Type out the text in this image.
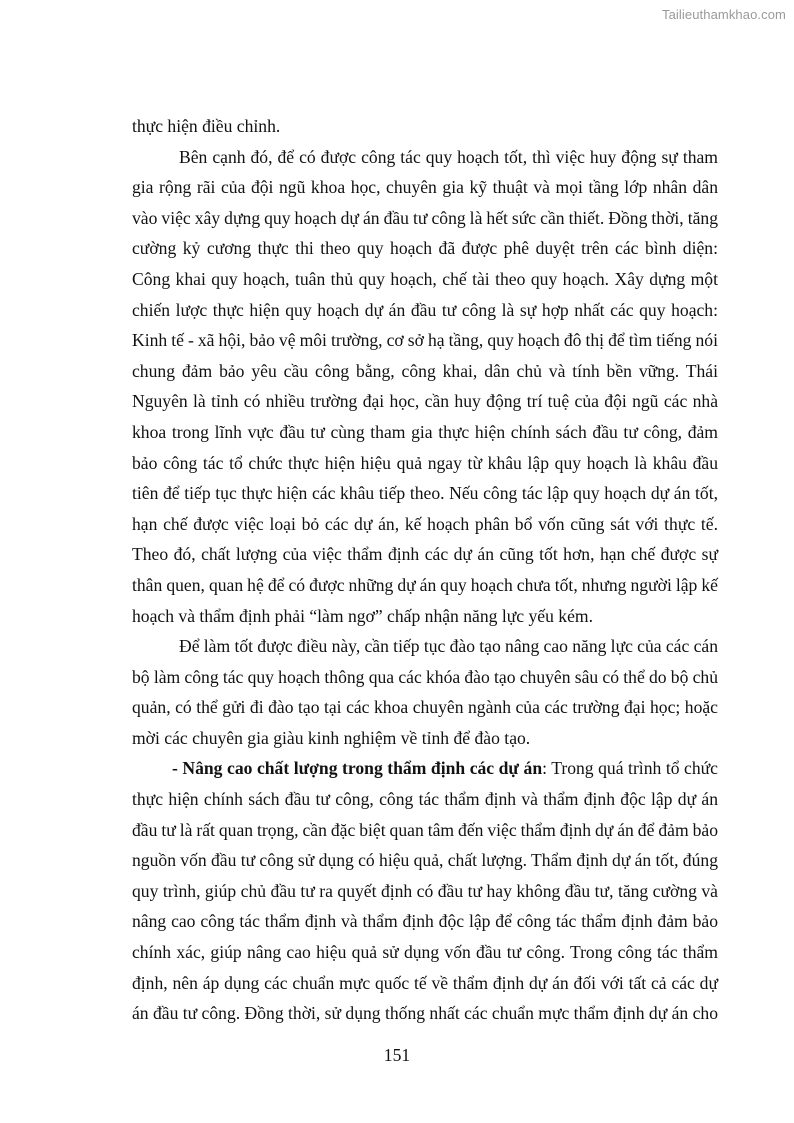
Tailieuthamkhao.com
thực hiện điều chỉnh.
Bên cạnh đó, để có được công tác quy hoạch tốt, thì việc huy động sự tham
gia rộng rãi của đội ngũ khoa học, chuyên gia kỹ thuật và mọi tầng lớp nhân dân
vào việc xây dựng quy hoạch dự án đầu tư công là hết sức cần thiết. Đồng thời, tăng
cường kỷ cương thực thi theo quy hoạch đã được phê duyệt trên các bình diện:
Công khai quy hoạch, tuân thủ quy hoạch, chế tài theo quy hoạch. Xây dựng một
chiến lược thực hiện quy hoạch dự án đầu tư công là sự hợp nhất các quy hoạch:
Kinh tế - xã hội, bảo vệ môi trường, cơ sở hạ tầng, quy hoạch đô thị để tìm tiếng nói
chung đảm bảo yêu cầu công bằng, công khai, dân chủ và tính bền vững. Thái
Nguyên là tỉnh có nhiều trường đại học, cần huy động trí tuệ của đội ngũ các nhà
khoa trong lĩnh vực đầu tư cùng tham gia thực hiện chính sách đầu tư công, đảm
bảo công tác tổ chức thực hiện hiệu quả ngay từ khâu lập quy hoạch là khâu đầu
tiên để tiếp tục thực hiện các khâu tiếp theo. Nếu công tác lập quy hoạch dự án tốt,
hạn chế được việc loại bỏ các dự án, kế hoạch phân bổ vốn cũng sát với thực tế.
Theo đó, chất lượng của việc thẩm định các dự án cũng tốt hơn, hạn chế được sự
thân quen, quan hệ để có được những dự án quy hoạch chưa tốt, nhưng người lập kế
hoạch và thẩm định phải “làm ngơ” chấp nhận năng lực yếu kém.
Để làm tốt được điều này, cần tiếp tục đào tạo nâng cao năng lực của các cán
bộ làm công tác quy hoạch thông qua các khóa đào tạo chuyên sâu có thể do bộ chủ
quản, có thể gửi đi đào tạo tại các khoa chuyên ngành của các trường đại học; hoặc
mời các chuyên gia giàu kinh nghiệm về tỉnh để đào tạo.
- Nâng cao chất lượng trong thẩm định các dự án: Trong quá trình tổ chức
thực hiện chính sách đầu tư công, công tác thẩm định và thẩm định độc lập dự án
đầu tư là rất quan trọng, cần đặc biệt quan tâm đến việc thẩm định dự án để đảm bảo
nguồn vốn đầu tư công sử dụng có hiệu quả, chất lượng. Thẩm định dự án tốt, đúng
quy trình, giúp chủ đầu tư ra quyết định có đầu tư hay không đầu tư, tăng cường và
nâng cao công tác thẩm định và thẩm định độc lập để công tác thẩm định đảm bảo
chính xác, giúp nâng cao hiệu quả sử dụng vốn đầu tư công. Trong công tác thẩm
định, nên áp dụng các chuẩn mực quốc tế về thẩm định dự án đối với tất cả các dự
án đầu tư công. Đồng thời, sử dụng thống nhất các chuẩn mực thẩm định dự án cho
151
